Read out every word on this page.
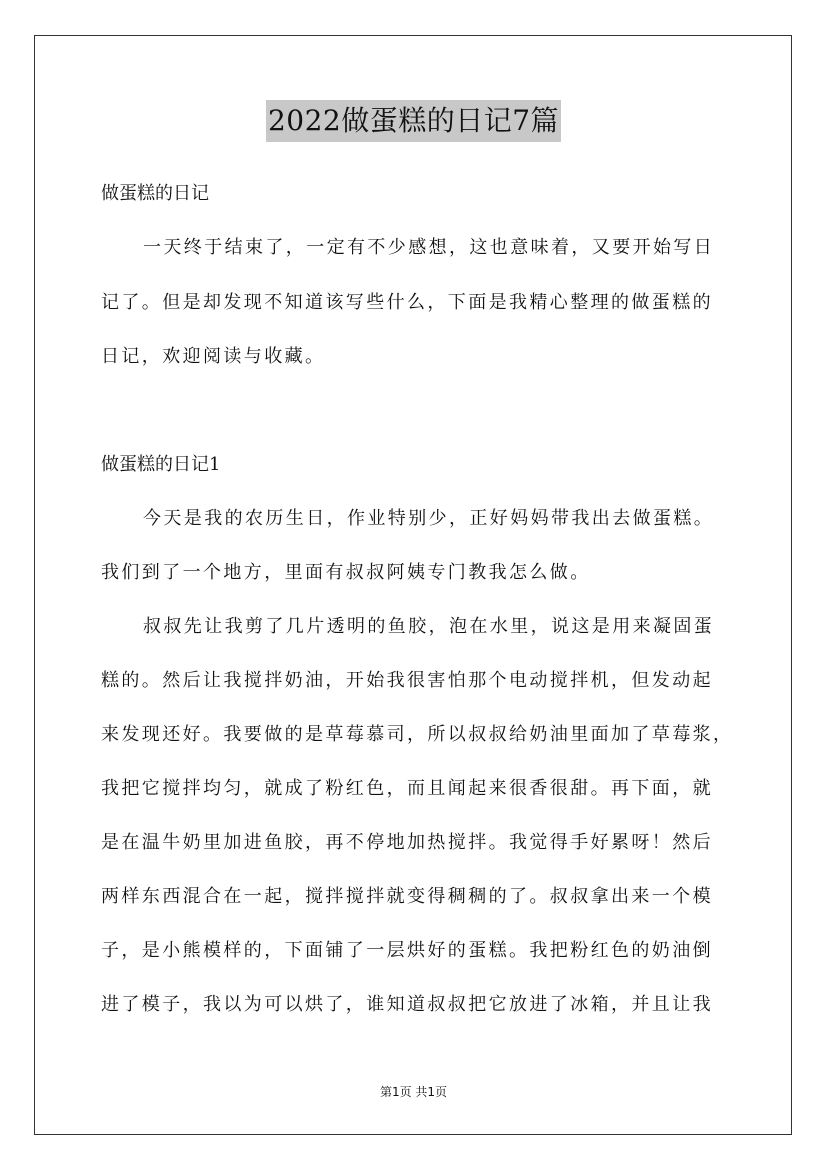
2022做蛋糕的日记7篇
做蛋糕的日记
一天终于结束了，一定有不少感想，这也意味着，又要开始写日
记了。但是却发现不知道该写些什么，下面是我精心整理的做蛋糕的
日记，欢迎阅读与收藏。
做蛋糕的日记1
今天是我的农历生日，作业特别少，正好妈妈带我出去做蛋糕。
我们到了一个地方，里面有叔叔阿姨专门教我怎么做。
叔叔先让我剪了几片透明的鱼胶，泡在水里，说这是用来凝固蛋
糕的。然后让我搅拌奶油，开始我很害怕那个电动搅拌机，但发动起
来发现还好。我要做的是草莓慕司，所以叔叔给奶油里面加了草莓浆，
我把它搅拌均匀，就成了粉红色，而且闻起来很香很甜。再下面，就
是在温牛奶里加进鱼胶，再不停地加热搅拌。我觉得手好累呀！然后
两样东西混合在一起，搅拌搅拌就变得稠稠的了。叔叔拿出来一个模
子，是小熊模样的，下面铺了一层烘好的蛋糕。我把粉红色的奶油倒
进了模子，我以为可以烘了，谁知道叔叔把它放进了冰箱，并且让我
第1页 共1页
